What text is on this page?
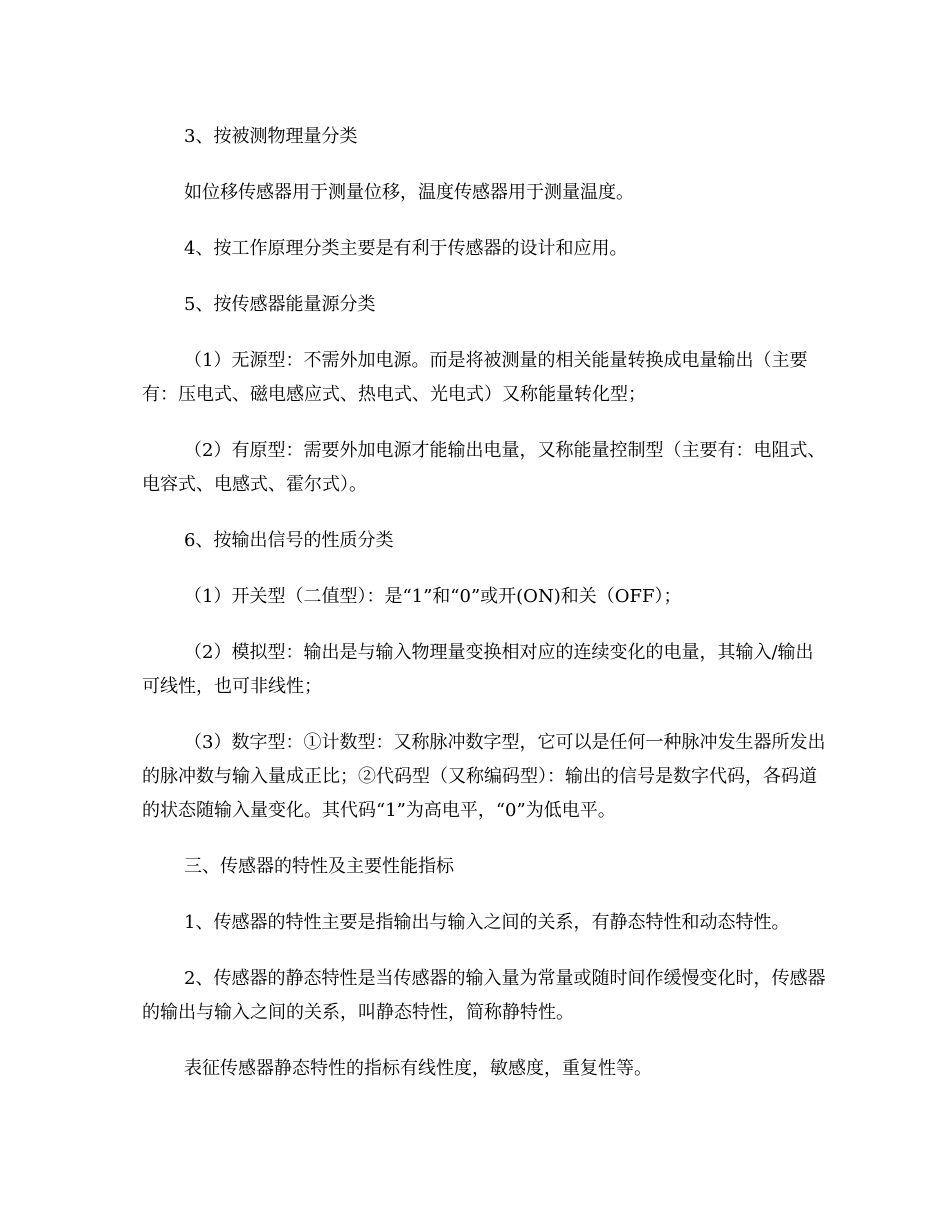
3、按被测物理量分类

如位移传感器用于测量位移，温度传感器用于测量温度。

4、按工作原理分类主要是有利于传感器的设计和应用。

5、按传感器能量源分类

（1）无源型：不需外加电源。而是将被测量的相关能量转换成电量输出（主要有：压电式、磁电感应式、热电式、光电式）又称能量转化型；

（2）有原型：需要外加电源才能输出电量，又称能量控制型（主要有：电阻式、电容式、电感式、霍尔式）。

6、按输出信号的性质分类

（1）开关型（二值型）：是“1”和“0”或开(ON)和关（OFF）；

（2）模拟型：输出是与输入物理量变换相对应的连续变化的电量，其输入/输出可线性，也可非线性；

（3）数字型：①计数型：又称脉冲数字型，它可以是任何一种脉冲发生器所发出的脉冲数与输入量成正比；②代码型（又称编码型）：输出的信号是数字代码，各码道的状态随输入量变化。其代码“1”为高电平，“0”为低电平。

三、传感器的特性及主要性能指标

1、传感器的特性主要是指输出与输入之间的关系，有静态特性和动态特性。

2、传感器的静态特性是当传感器的输入量为常量或随时间作缓慢变化时，传感器的输出与输入之间的关系，叫静态特性，简称静特性。

表征传感器静态特性的指标有线性度，敏感度，重复性等。
